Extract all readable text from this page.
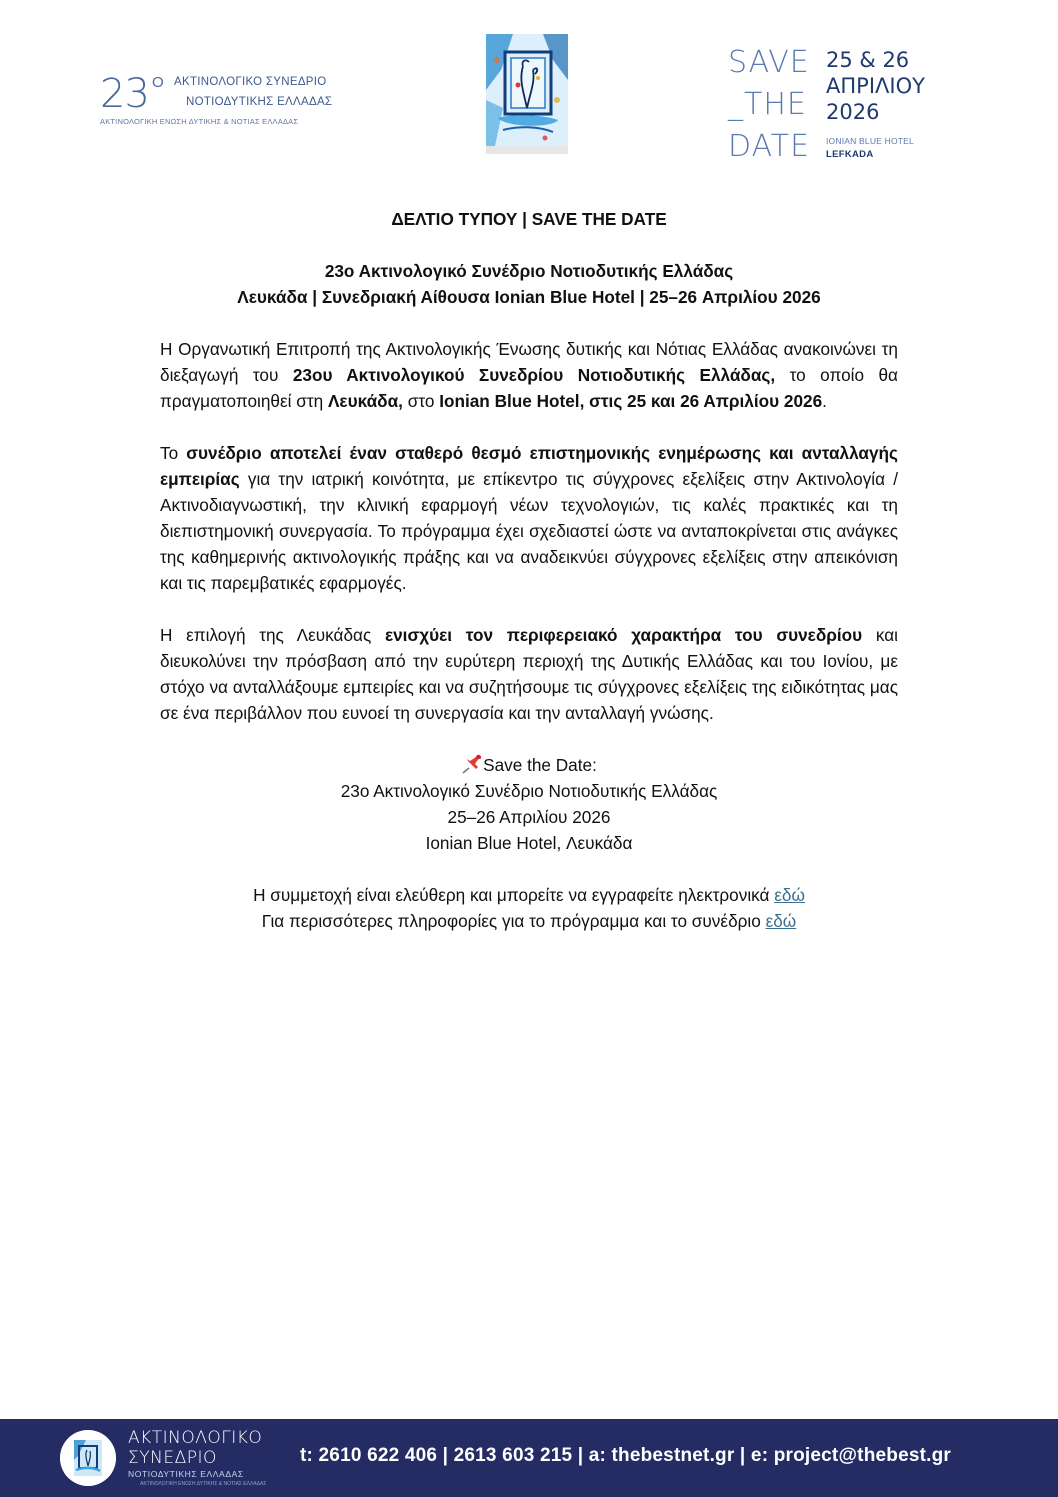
23 Ο ΑΚΤΙΝΟΛΟΓΙΚΟ ΣΥΝΕΔΡΙΟ
ΝΟΤΙΟΔΥΤΙΚΗΣ ΕΛΛΑΔΑΣ
ΑΚΤΙΝΟΛΟΓΙΚΗ ΕΝΩΣΗ ΔΥΤΙΚΗΣ & ΝΟΤΙΑΣ ΕΛΛΑΔΑΣ
SAVE
_THE
DATE
25 & 26
ΑΠΡΙΛΙΟΥ
2026
IONIAN BLUE HOTEL
LEFKADA
ΔΕΛΤΙΟ ΤΥΠΟΥ | SAVE THE DATE
23ο Ακτινολογικό Συνέδριο Νοτιοδυτικής Ελλάδας
Λευκάδα | Συνεδριακή Αίθουσα Ionian Blue Hotel | 25–26 Απριλίου 2026

Η Οργανωτική Επιτροπή της Ακτινολογικής Ένωσης δυτικής και Νότιας Ελλάδας ανακοινώνει τη διεξαγωγή του 23ου Ακτινολογικού Συνεδρίου Νοτιοδυτικής Ελλάδας, το οποίο θα πραγματοποιηθεί στη Λευκάδα, στο Ionian Blue Hotel, στις 25 και 26 Απριλίου 2026.

Το συνέδριο αποτελεί έναν σταθερό θεσμό επιστημονικής ενημέρωσης και ανταλλαγής εμπειρίας για την ιατρική κοινότητα, με επίκεντρο τις σύγχρονες εξελίξεις στην Ακτινολογία / Ακτινοδιαγνωστική, την κλινική εφαρμογή νέων τεχνολογιών, τις καλές πρακτικές και τη διεπιστημονική συνεργασία. Το πρόγραμμα έχει σχεδιαστεί ώστε να ανταποκρίνεται στις ανάγκες της καθημερινής ακτινολογικής πράξης και να αναδεικνύει σύγχρονες εξελίξεις στην απεικόνιση και τις παρεμβατικές εφαρμογές.

Η επιλογή της Λευκάδας ενισχύει τον περιφερειακό χαρακτήρα του συνεδρίου και διευκολύνει την πρόσβαση από την ευρύτερη περιοχή της Δυτικής Ελλάδας και του Ιονίου, με στόχο να ανταλλάξουμε εμπειρίες και να συζητήσουμε τις σύγχρονες εξελίξεις της ειδικότητας μας σε ένα περιβάλλον που ευνοεί τη συνεργασία και την ανταλλαγή γνώσης.

Save the Date:
23ο Ακτινολογικό Συνέδριο Νοτιοδυτικής Ελλάδας
25–26 Απριλίου 2026
Ionian Blue Hotel, Λευκάδα
Η συμμετοχή είναι ελεύθερη και μπορείτε να εγγραφείτε ηλεκτρονικά εδώ
Για περισσότερες πληροφορίες για το πρόγραμμα και το συνέδριο εδώ
ΑΚΤΙΝΟΛΟΓΙΚΟ
ΣΥΝΕΔΡΙΟ
ΝΟΤΙΟΔΥΤΙΚΗΣ ΕΛΛΑΔΑΣ
ΑΚΤΙΝΟΛΟΓΙΚΗ ΕΝΩΣΗ ΔΥΤΙΚΗΣ & ΝΟΤΙΑΣ ΕΛΛΑΔΑΣ
t: 2610 622 406 | 2613 603 215 | a: thebestnet.gr | e: project@thebest.gr
